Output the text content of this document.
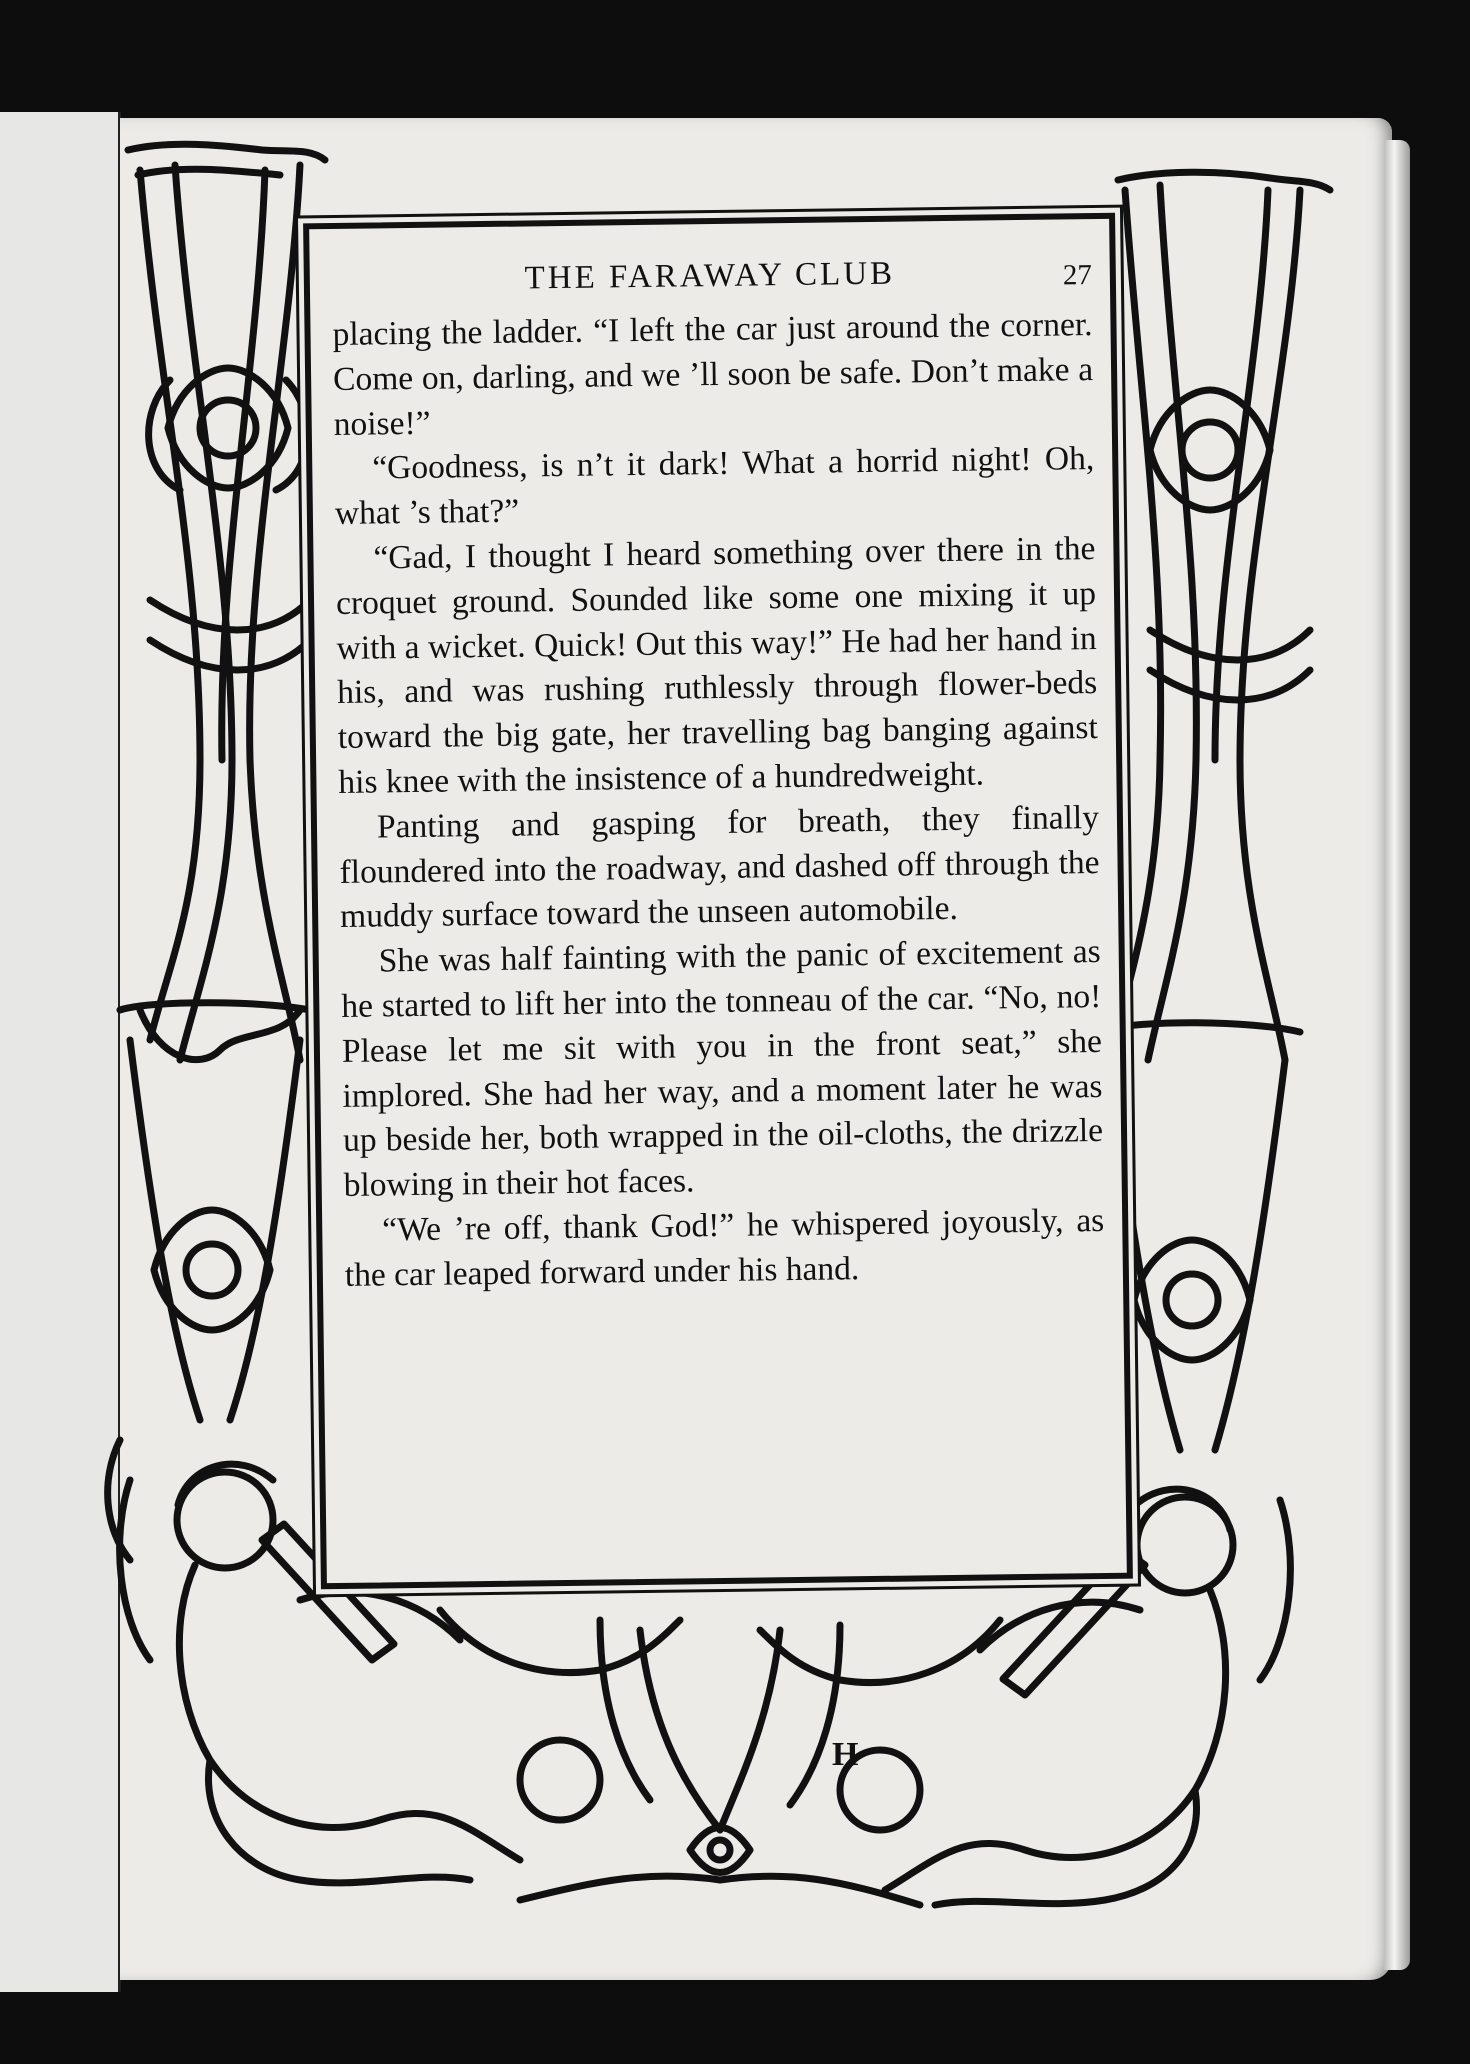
H
THE FARAWAY CLUB	27

placing the ladder. “I left the car just around the corner. Come on, darling, and we ’ll soon be safe. Don’t make a noise!”

“Goodness, is n’t it dark! What a horrid night! Oh, what ’s that?”

“Gad, I thought I heard something over there in the croquet ground. Sounded like some one mixing it up with a wicket. Quick! Out this way!” He had her hand in his, and was rushing ruthlessly through flower-beds toward the big gate, her travelling bag banging against his knee with the insistence of a hundredweight.

Panting and gasping for breath, they finally floundered into the roadway, and dashed off through the muddy surface toward the unseen automobile.

She was half fainting with the panic of excitement as he started to lift her into the tonneau of the car. “No, no! Please let me sit with you in the front seat,” she implored. She had her way, and a moment later he was up beside her, both wrapped in the oil-cloths, the drizzle blowing in their hot faces.

“We ’re off, thank God!” he whispered joyously, as the car leaped forward under his hand.
